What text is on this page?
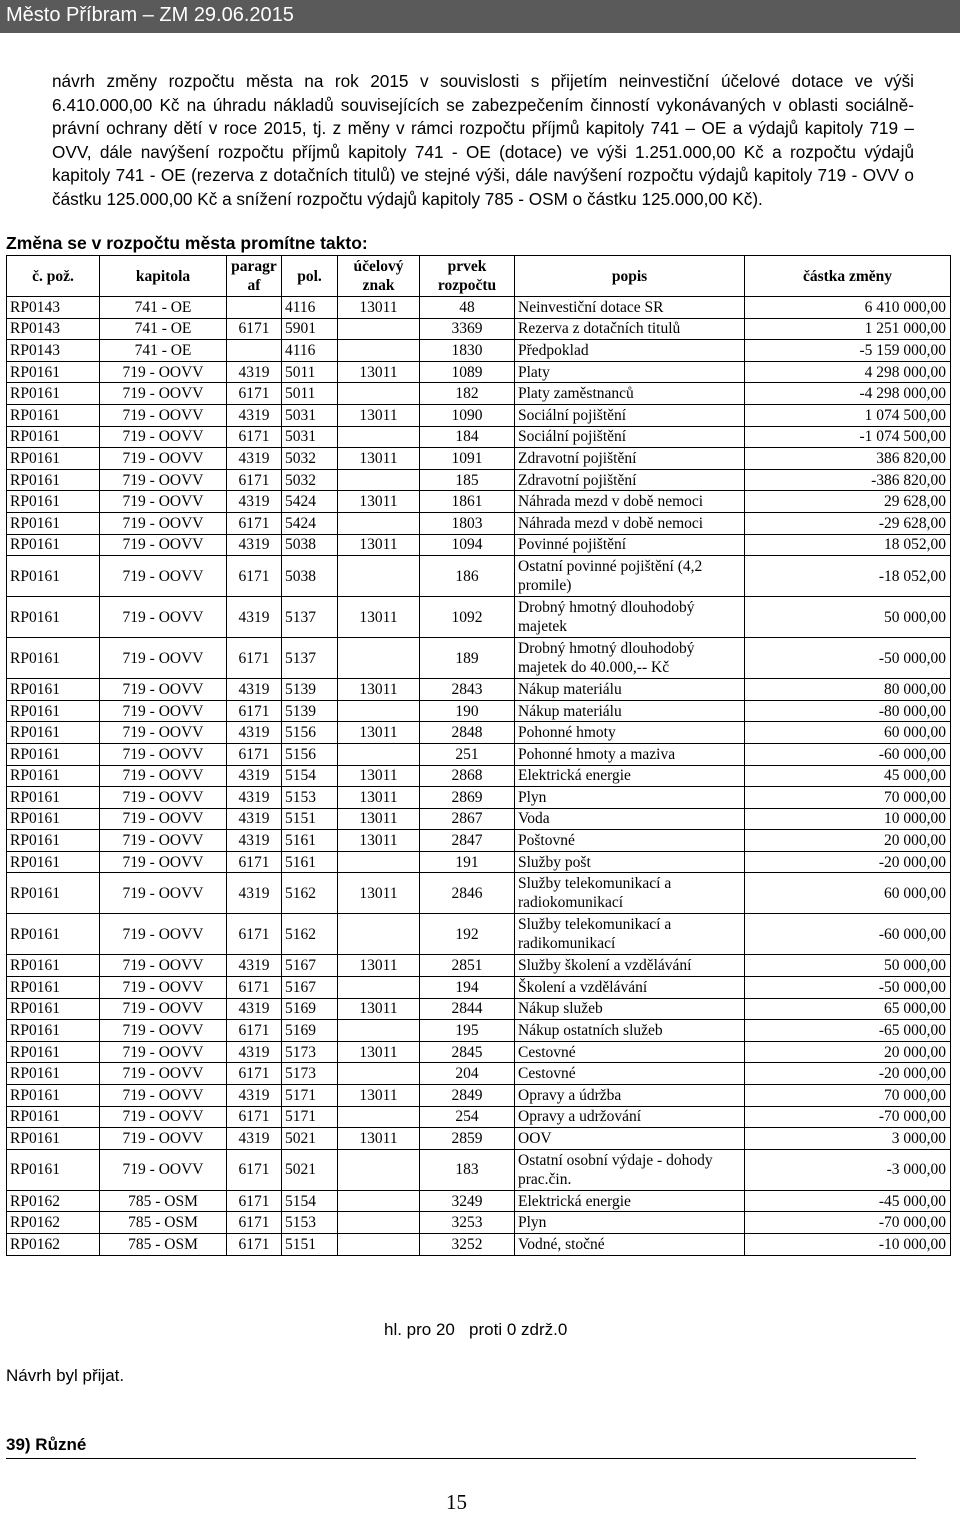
Město Příbram – ZM 29.06.2015

návrh změny rozpočtu města na rok 2015 v souvislosti s přijetím neinvestiční účelové dotace ve výši 6.410.000,00 Kč na úhradu nákladů souvisejících se zabezpečením činností vykonávaných v oblasti sociálně-právní ochrany dětí v roce 2015, tj. z měny v rámci rozpočtu příjmů kapitoly 741 – OE a výdajů kapitoly 719 – OVV, dále navýšení rozpočtu příjmů kapitoly 741 - OE (dotace) ve výši 1.251.000,00 Kč a rozpočtu výdajů kapitoly 741 - OE (rezerva z dotačních titulů) ve stejné výši, dále navýšení rozpočtu výdajů kapitoly 719 - OVV o částku 125.000,00 Kč a snížení rozpočtu výdajů kapitoly 785 - OSM o částku 125.000,00 Kč).

Změna se v rozpočtu města promítne takto:
č. pož.	kapitola	paragr af	pol.	účelový znak	prvek rozpočtu	popis	částka změny
RP0143	741 - OE		4116	13011	48	Neinvestiční dotace SR	6 410 000,00
RP0143	741 - OE	6171	5901		3369	Rezerva z dotačních titulů	1 251 000,00
RP0143	741 - OE		4116		1830	Předpoklad	-5 159 000,00
RP0161	719 - OOVV	4319	5011	13011	1089	Platy	4 298 000,00
RP0161	719 - OOVV	6171	5011		182	Platy zaměstnanců	-4 298 000,00
RP0161	719 - OOVV	4319	5031	13011	1090	Sociální pojištění	1 074 500,00
RP0161	719 - OOVV	6171	5031		184	Sociální pojištění	-1 074 500,00
RP0161	719 - OOVV	4319	5032	13011	1091	Zdravotní pojištění	386 820,00
RP0161	719 - OOVV	6171	5032		185	Zdravotní pojištění	-386 820,00
RP0161	719 - OOVV	4319	5424	13011	1861	Náhrada mezd v době nemoci	29 628,00
RP0161	719 - OOVV	6171	5424		1803	Náhrada mezd v době nemoci	-29 628,00
RP0161	719 - OOVV	4319	5038	13011	1094	Povinné pojištění	18 052,00
RP0161	719 - OOVV	6171	5038		186	Ostatní povinné pojištění (4,2 promile)	-18 052,00
RP0161	719 - OOVV	4319	5137	13011	1092	Drobný hmotný dlouhodobý majetek	50 000,00
RP0161	719 - OOVV	6171	5137		189	Drobný hmotný dlouhodobý majetek do 40.000,-- Kč	-50 000,00
RP0161	719 - OOVV	4319	5139	13011	2843	Nákup materiálu	80 000,00
RP0161	719 - OOVV	6171	5139		190	Nákup materiálu	-80 000,00
RP0161	719 - OOVV	4319	5156	13011	2848	Pohonné hmoty	60 000,00
RP0161	719 - OOVV	6171	5156		251	Pohonné hmoty a maziva	-60 000,00
RP0161	719 - OOVV	4319	5154	13011	2868	Elektrická energie	45 000,00
RP0161	719 - OOVV	4319	5153	13011	2869	Plyn	70 000,00
RP0161	719 - OOVV	4319	5151	13011	2867	Voda	10 000,00
RP0161	719 - OOVV	4319	5161	13011	2847	Poštovné	20 000,00
RP0161	719 - OOVV	6171	5161		191	Služby pošt	-20 000,00
RP0161	719 - OOVV	4319	5162	13011	2846	Služby telekomunikací a radiokomunikací	60 000,00
RP0161	719 - OOVV	6171	5162		192	Služby telekomunikací a radikomunikací	-60 000,00
RP0161	719 - OOVV	4319	5167	13011	2851	Služby školení a vzdělávání	50 000,00
RP0161	719 - OOVV	6171	5167		194	Školení a vzdělávání	-50 000,00
RP0161	719 - OOVV	4319	5169	13011	2844	Nákup služeb	65 000,00
RP0161	719 - OOVV	6171	5169		195	Nákup ostatních služeb	-65 000,00
RP0161	719 - OOVV	4319	5173	13011	2845	Cestovné	20 000,00
RP0161	719 - OOVV	6171	5173		204	Cestovné	-20 000,00
RP0161	719 - OOVV	4319	5171	13011	2849	Opravy a údržba	70 000,00
RP0161	719 - OOVV	6171	5171		254	Opravy a udržování	-70 000,00
RP0161	719 - OOVV	4319	5021	13011	2859	OOV	3 000,00
RP0161	719 - OOVV	6171	5021		183	Ostatní osobní výdaje - dohody prac.čin.	-3 000,00
RP0162	785 - OSM	6171	5154		3249	Elektrická energie	-45 000,00
RP0162	785 - OSM	6171	5153		3253	Plyn	-70 000,00
RP0162	785 - OSM	6171	5151		3252	Vodné, stočné	-10 000,00
hl. pro 20   proti 0 zdrž.0
Návrh byl přijat.
39) Různé
15
